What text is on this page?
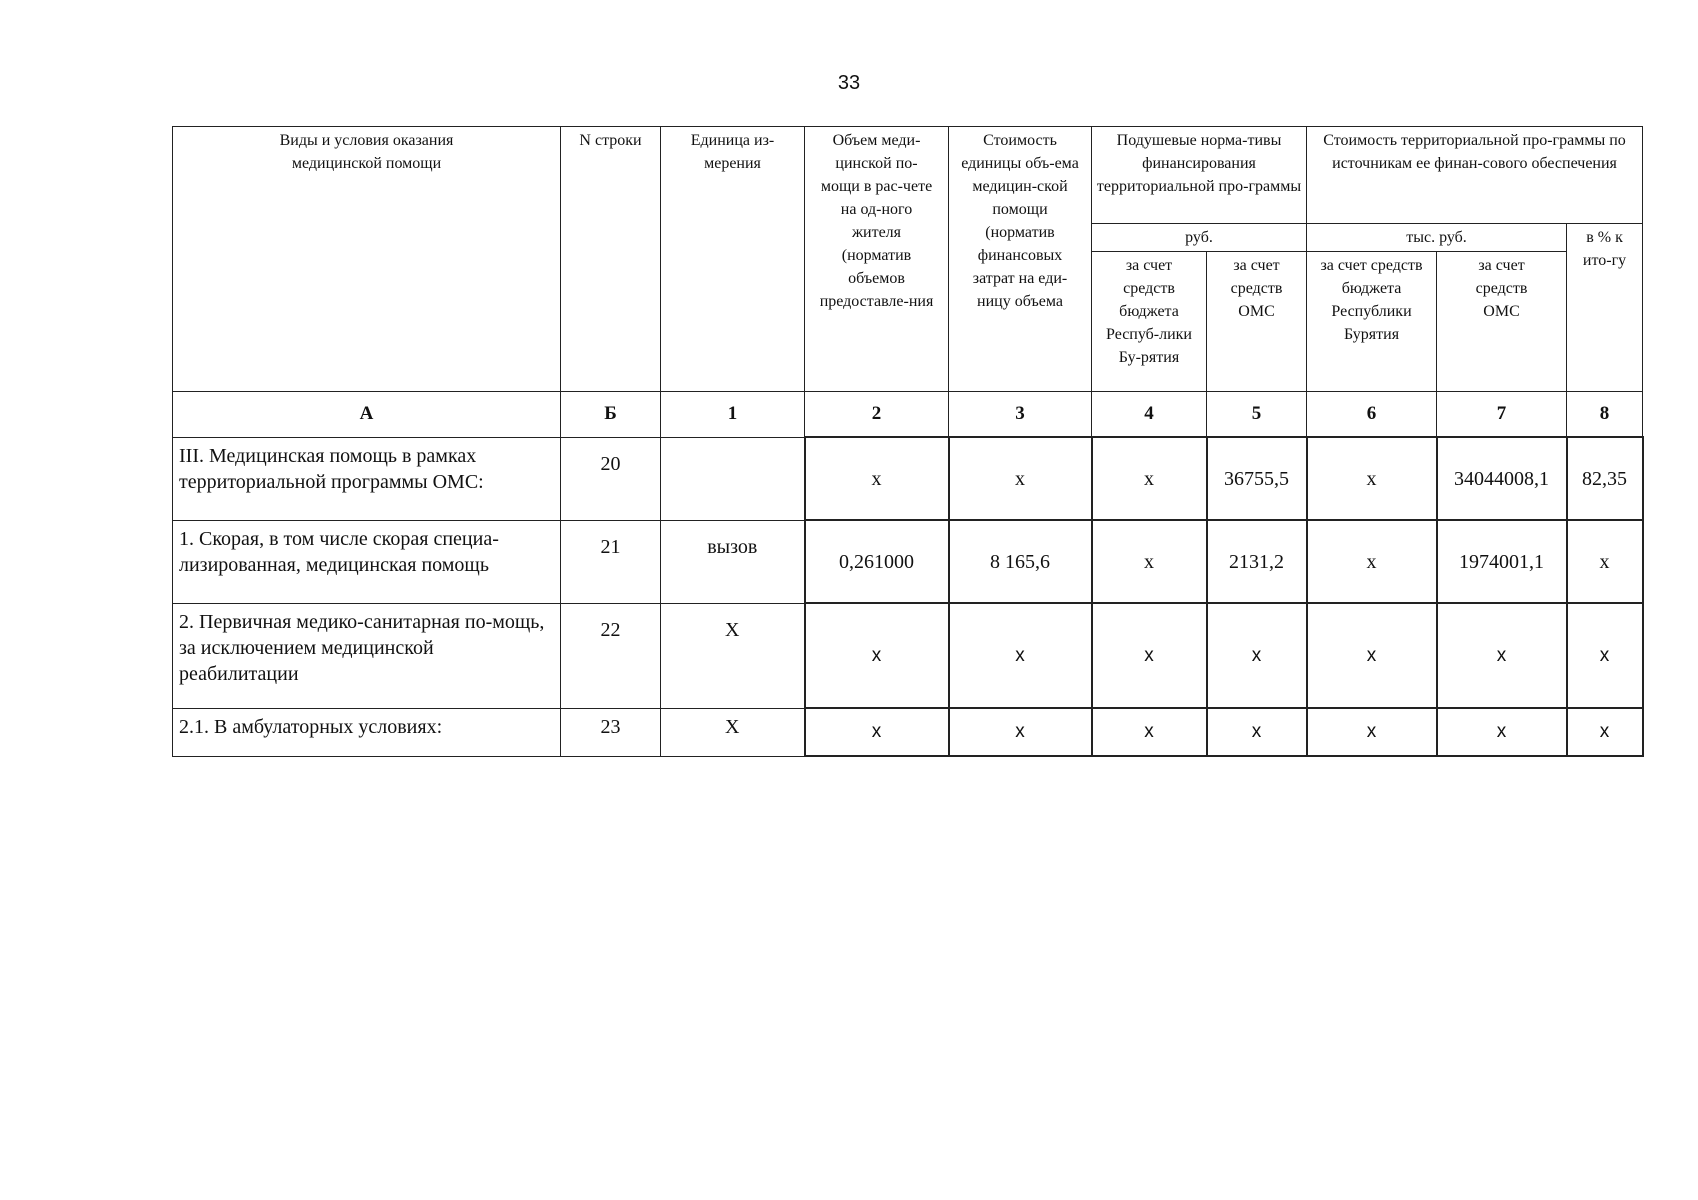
33
Виды и условия оказания медицинской помощи	N строки	Единица из-мерения	Объем меди-цинской по-мощи в рас-чете на од-ного жителя (норматив объемов предоставле-ния	Стоимость единицы объ-ема медицин-ской помощи (норматив финансовых затрат на еди-ницу объема	Подушевые норма-тивы финансирования территориальной про-граммы		Стоимость территориальной про-граммы по источникам ее финан-сового обеспечения		
					руб.		тыс. руб.		в % к ито-гу
					за счет средств бюджета Респуб-лики Бу-рятия	за счет средств ОМС	за счет средств бюджета Республики Бурятия	за счет средств ОМС	
А	Б	1	2	3	4	5	6	7	8
III. Медицинская помощь в рамках территориальной программы ОМС:	20		x	x	x	36755,5	x	34044008,1	82,35
1. Скорая, в том числе скорая специа-лизированная, медицинская помощь	21	вызов	0,261000	8 165,6	x	2131,2	x	1974001,1	x
2. Первичная медико-санитарная по-мощь, за исключением медицинской реабилитации	22	X	x	x	x	x	x	x	x
2.1. В амбулаторных условиях:	23	X	x	x	x	x	x	x	x
